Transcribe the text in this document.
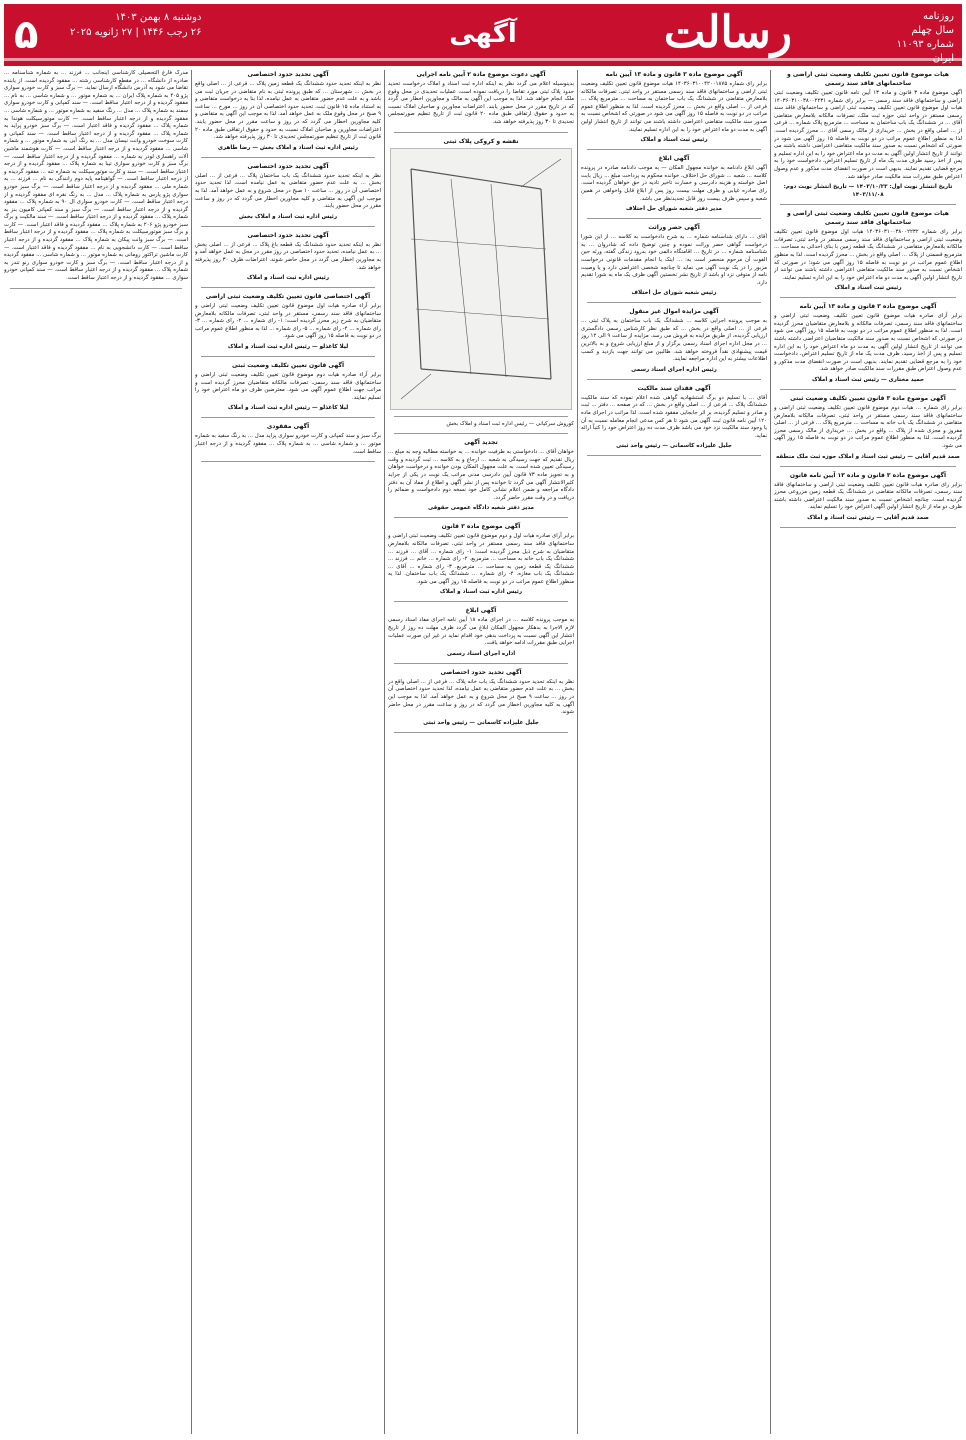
روزنامه
سال چهلم
شماره ۱۱۰۹۳
رسالت
آگهی
دوشنبه ۸ بهمن ۱۴۰۳
۲۶ رجب ۱۴۴۶ | ۲۷ ژانویه ۲۰۲۵
۵
هیات موضوع قانون تعیین تکلیف وضعیت ثبتی اراضی و ساختمانهای فاقد سند رسمی

آگهی موضوع ماده ۳ قانون و ماده ۱۳ آیین نامه قانون تعیین تکلیف وضعیت ثبتی اراضی و ساختمانهای فاقد سند رسمی — برابر رای شماره ۱۴۰۳۶۰۳۱۰۰۳۸۰۰۲۲۳۱ هیات اول موضوع قانون تعیین تکلیف وضعیت ثبتی اراضی و ساختمانهای فاقد سند رسمی مستقر در واحد ثبتی حوزه ثبت ملک، تصرفات مالکانه بلامعارض متقاضی آقای ... در ششدانگ یک باب ساختمان به مساحت ... مترمربع پلاک شماره ... فرعی از ... اصلی واقع در بخش ... خریداری از مالک رسمی آقای ... محرز گردیده است. لذا به منظور اطلاع عموم مراتب در دو نوبت به فاصله ۱۵ روز آگهی می شود در صورتی که اشخاص نسبت به صدور سند مالکیت متقاضی اعتراضی داشته باشند می توانند از تاریخ انتشار اولین آگهی به مدت دو ماه اعتراض خود را به این اداره تسلیم و پس از اخذ رسید ظرف مدت یک ماه از تاریخ تسلیم اعتراض، دادخواست خود را به مرجع قضایی تقدیم نمایند. بدیهی است در صورت انقضای مدت مذکور و عدم وصول اعتراض طبق مقررات سند مالکیت صادر خواهد شد.

تاریخ انتشار نوبت اول: ۱۴۰۳/۱۰/۲۳ — تاریخ انتشار نوبت دوم: ۱۴۰۳/۱۱/۰۸
هیات موضوع قانون تعیین تکلیف وضعیت ثبتی اراضی و ساختمانهای فاقد سند رسمی

برابر رای شماره ۱۴۰۳۶۰۳۱۰۰۳۸۰۰۲۲۳۲ هیات اول موضوع قانون تعیین تکلیف وضعیت ثبتی اراضی و ساختمانهای فاقد سند رسمی مستقر در واحد ثبتی، تصرفات مالکانه بلامعارض متقاضی در ششدانگ یک قطعه زمین با بنای احداثی به مساحت ... مترمربع قسمتی از پلاک ... اصلی واقع در بخش ... محرز گردیده است. لذا به منظور اطلاع عموم مراتب در دو نوبت به فاصله ۱۵ روز آگهی می شود؛ در صورتی که اشخاص نسبت به صدور سند مالکیت متقاضی اعتراضی داشته باشند می توانند از تاریخ انتشار اولین آگهی به مدت دو ماه اعتراض خود را به این اداره تسلیم نمایند.

رئیس ثبت اسناد و املاک
آگهی موضوع ماده ۳ قانون و ماده ۱۳ آیین نامه

برابر آرای صادره هیات موضوع قانون تعیین تکلیف وضعیت ثبتی اراضی و ساختمانهای فاقد سند رسمی، تصرفات مالکانه و بلامعارض متقاضیان محرز گردیده است. لذا به منظور اطلاع عموم مراتب در دو نوبت به فاصله ۱۵ روز آگهی می شود در صورتی که اشخاص نسبت به صدور سند مالکیت متقاضیان اعتراضی داشته باشند می توانند از تاریخ انتشار اولین آگهی به مدت دو ماه اعتراض خود را به این اداره تسلیم و پس از اخذ رسید، ظرف مدت یک ماه از تاریخ تسلیم اعتراض، دادخواست خود را به مرجع قضایی تقدیم نمایند. بدیهی است در صورت انقضای مدت مذکور و عدم وصول اعتراض طبق مقررات سند مالکیت صادر خواهد شد.

حمید مختاری — رئیس ثبت اسناد و املاک
آگهی موضوع ماده ۳ قانون تعیین تکلیف وضعیت ثبتی

برابر رای شماره ... هیات دوم موضوع قانون تعیین تکلیف وضعیت ثبتی اراضی و ساختمانهای فاقد سند رسمی مستقر در واحد ثبتی، تصرفات مالکانه بلامعارض متقاضی در ششدانگ یک باب خانه به مساحت ... مترمربع پلاک ... فرعی از ... اصلی مفروز و مجزی شده از پلاک ... واقع در بخش ... خریداری از مالک رسمی محرز گردیده است. لذا به منظور اطلاع عموم مراتب در دو نوبت به فاصله ۱۵ روز آگهی می شود.

صمد قدیم آقایی — رئیس ثبت اسناد و املاک حوزه ثبت ملک منطقه
آگهی موضوع ماده ۳ قانون و ماده ۱۳ آیین نامه قانون

برابر رای صادره هیات قانون تعیین تکلیف وضعیت ثبتی اراضی و ساختمانهای فاقد سند رسمی، تصرفات مالکانه متقاضی در ششدانگ یک قطعه زمین مزروعی محرز گردیده است. چنانچه اشخاص نسبت به صدور سند مالکیت اعتراضی داشته باشند ظرف دو ماه از تاریخ انتشار اولین آگهی اعتراض خود را تسلیم نمایند.

صمد قدیم آقایی — رئیس ثبت اسناد و املاک
آگهی موضوع ماده ۳ قانون و ماده ۱۳ آیین نامه

برابر رای شماره ۱۴۰۳۶۰۳۱۰۰۴۲۰۰۱۸۷۵ هیات موضوع قانون تعیین تکلیف وضعیت ثبتی اراضی و ساختمانهای فاقد سند رسمی مستقر در واحد ثبتی، تصرفات مالکانه بلامعارض متقاضی در ششدانگ یک باب ساختمان به مساحت ... مترمربع پلاک ... فرعی از ... اصلی واقع در بخش ... محرز گردیده است. لذا به منظور اطلاع عموم مراتب در دو نوبت به فاصله ۱۵ روز آگهی می شود در صورتی که اشخاص نسبت به صدور سند مالکیت متقاضی اعتراضی داشته باشند می توانند از تاریخ انتشار اولین آگهی به مدت دو ماه اعتراض خود را به این اداره تسلیم نمایند.

رئیس ثبت اسناد و املاک
آگهی ابلاغ

آگهی ابلاغ دادنامه به خوانده مجهول المکان — به موجب دادنامه صادره در پرونده کلاسه ... شعبه ... شورای حل اختلاف، خوانده محکوم به پرداخت مبلغ ... ریال بابت اصل خواسته و هزینه دادرسی و خسارت تاخیر تادیه در حق خواهان گردیده است. رای صادره غیابی و ظرف مهلت بیست روز پس از ابلاغ قابل واخواهی در همین شعبه و سپس ظرف بیست روز قابل تجدیدنظر می باشد.

مدیر دفتر شعبه شورای حل اختلاف
آگهی حصر وراثت

آقای ... دارای شناسنامه شماره ... به شرح دادخواست به کلاسه ... از این شورا درخواست گواهی حصر وراثت نموده و چنین توضیح داده که شادروان ... به شناسنامه شماره ... در تاریخ ... اقامتگاه دائمی خود بدرود زندگی گفته، ورثه حین الفوت آن مرحوم منحصر است به: ... اینک با انجام مقدمات قانونی درخواست مزبور را در یک نوبت آگهی می نماید تا چنانچه شخصی اعتراضی دارد و یا وصیت نامه از متوفی نزد او باشد از تاریخ نشر نخستین آگهی ظرف یک ماه به شورا تقدیم دارد.

رئیس شعبه شورای حل اختلاف
آگهی مزایده اموال غیر منقول

به موجب پرونده اجرایی کلاسه ... ششدانگ یک باب ساختمان به پلاک ثبتی ... فرعی از ... اصلی واقع در بخش ... که طبق نظر کارشناس رسمی دادگستری ارزیابی گردیده، از طریق مزایده به فروش می رسد. مزایده از ساعت ۹ الی ۱۲ روز ... در محل اداره اجرای اسناد رسمی برگزار و از مبلغ ارزیابی شروع و به بالاترین قیمت پیشنهادی نقداً فروخته خواهد شد. طالبین می توانند جهت بازدید و کسب اطلاعات بیشتر به این اداره مراجعه نمایند.

رئیس اداره اجرای اسناد رسمی
آگهی فقدان سند مالکیت

آقای ... با تسلیم دو برگ استشهادیه گواهی شده اعلام نموده که سند مالکیت ششدانگ پلاک ... فرعی از ... اصلی واقع در بخش ... که در صفحه ... دفتر ... ثبت و صادر و تسلیم گردیده، بر اثر جابجایی مفقود شده است. لذا مراتب در اجرای ماده ۱۲۰ آیین نامه قانون ثبت آگهی می شود تا هر کس مدعی انجام معامله نسبت به آن یا وجود سند مالکیت نزد خود می باشد ظرف مدت ده روز اعتراض خود را کتباً ارائه نماید.

جلیل علیزاده کاسمانی — رئیس واحد ثبتی
آگهی دعوت موضوع ماده ۲ آیین نامه اجرایی

بدینوسیله اعلام می گردد نظر به اینکه اداره ثبت اسناد و املاک درخواست تحدید حدود پلاک ثبتی مورد تقاضا را دریافت نموده است، عملیات تحدیدی در محل وقوع ملک انجام خواهد شد. لذا به موجب این آگهی به مالک و مجاورین اخطار می گردد که در تاریخ مقرر در محل حضور یابند. اعتراضات مجاورین و صاحبان املاک نسبت به حدود و حقوق ارتفاقی طبق ماده ۲۰ قانون ثبت از تاریخ تنظیم صورتمجلس تحدیدی تا ۳۰ روز پذیرفته خواهد شد.

نقشه و کروکی پلاک ثبتی

کوروش سرکیانی — رئیس اداره ثبت اسناد و املاک بخش

تجدید آگهی

خواهان آقای ... دادخواستی به طرفیت خوانده ... به خواسته مطالبه وجه به مبلغ ... ریال تقدیم که جهت رسیدگی به شعبه ... ارجاع و به کلاسه ... ثبت گردیده و وقت رسیدگی تعیین شده است. به علت مجهول المکان بودن خوانده و درخواست خواهان و به تجویز ماده ۷۳ قانون آیین دادرسی مدنی مراتب یک نوبت در یکی از جراید کثیرالانتشار آگهی می گردد تا خوانده پس از نشر آگهی و اطلاع از مفاد آن به دفتر دادگاه مراجعه و ضمن اعلام نشانی کامل خود نسخه دوم دادخواست و ضمائم را دریافت و در وقت مقرر حاضر گردد.

مدیر دفتر شعبه دادگاه عمومی حقوقی
آگهی موضوع ماده ۳ قانون

برابر آرای صادره هیات اول و دوم موضوع قانون تعیین تکلیف وضعیت ثبتی اراضی و ساختمانهای فاقد سند رسمی مستقر در واحد ثبتی، تصرفات مالکانه بلامعارض متقاضیان به شرح ذیل محرز گردیده است: ۱- رای شماره ... آقای ... فرزند ... ششدانگ یک باب خانه به مساحت ... مترمربع. ۲- رای شماره ... خانم ... فرزند ... ششدانگ یک قطعه زمین به مساحت ... مترمربع. ۳- رای شماره ... آقای ... ششدانگ یک باب مغازه. ۴- رای شماره ... ششدانگ یک باب ساختمان. لذا به منظور اطلاع عموم مراتب در دو نوبت به فاصله ۱۵ روز آگهی می شود.

رئیس اداره ثبت اسناد و املاک
آگهی ابلاغ

به موجب پرونده کلاسه ... در اجرای ماده ۱۸ آیین نامه اجرای مفاد اسناد رسمی لازم الاجرا به بدهکار مجهول المکان ابلاغ می گردد ظرف مهلت ده روز از تاریخ انتشار این آگهی نسبت به پرداخت بدهی خود اقدام نماید در غیر این صورت عملیات اجرایی طبق مقررات ادامه خواهد یافت.

اداره اجرای اسناد رسمی
آگهی تحدید حدود اختصاصی

نظر به اینکه تحدید حدود ششدانگ یک باب خانه پلاک ... فرعی از ... اصلی واقع در بخش ... به علت عدم حضور متقاضی به عمل نیامده، لذا تحدید حدود اختصاصی آن در روز ... ساعت ۹ صبح در محل شروع و به عمل خواهد آمد. لذا به موجب این آگهی به کلیه مجاورین اخطار می گردد که در روز و ساعت مقرر در محل حاضر شوند.

جلیل علیزاده کاسمانی — رئیس واحد ثبتی
آگهی تحدید حدود اختصاصی

نظر به اینکه تحدید حدود ششدانگ یک قطعه زمین پلاک ... فرعی از ... اصلی واقع در بخش ... شهرستان ... که طبق پرونده ثبتی به نام متقاضی در جریان ثبت می باشد و به علت عدم حضور متقاضی به عمل نیامده، لذا بنا به درخواست متقاضی و به استناد ماده ۱۵ قانون ثبت، تحدید حدود اختصاصی آن در روز ... مورخ ... ساعت ۹ صبح در محل وقوع ملک به عمل خواهد آمد. لذا به موجب این آگهی به متقاضی و کلیه مجاورین اخطار می گردد که در روز و ساعت مقرر در محل حضور یابند. اعتراضات مجاورین و صاحبان املاک نسبت به حدود و حقوق ارتفاقی طبق ماده ۲۰ قانون ثبت از تاریخ تنظیم صورتمجلس تحدیدی تا ۳۰ روز پذیرفته خواهد شد.

رئیس اداره ثبت اسناد و املاک بخش — رضا طاهری
آگهی تحدید حدود اختصاصی

نظر به اینکه تحدید حدود ششدانگ یک باب ساختمان پلاک ... فرعی از ... اصلی بخش ... به علت عدم حضور متقاضی به عمل نیامده است، لذا تحدید حدود اختصاصی آن در روز ... ساعت ۱۰ صبح در محل شروع و به عمل خواهد آمد. لذا به موجب این آگهی به متقاضی و کلیه مجاورین اخطار می گردد که در روز و ساعت مقرر در محل حضور یابند.

رئیس اداره ثبت اسناد و املاک بخش
آگهی تحدید حدود اختصاصی

نظر به اینکه تحدید حدود ششدانگ یک قطعه باغ پلاک ... فرعی از ... اصلی بخش ... به عمل نیامده، تحدید حدود اختصاصی در روز مقرر در محل به عمل خواهد آمد و به مجاورین اخطار می گردد در محل حاضر شوند. اعتراضات ظرف ۳۰ روز پذیرفته خواهد شد.

رئیس اداره ثبت اسناد و املاک
آگهی اختصاصی قانون تعیین تکلیف وضعیت ثبتی اراضی

برابر آراء صادره هیات اول موضوع قانون تعیین تکلیف وضعیت ثبتی اراضی و ساختمانهای فاقد سند رسمی، مستقر در واحد ثبتی، تصرفات مالکانه بلامعارض متقاضیان به شرح زیر محرز گردیده است: ۱- رای شماره ... ۲- رای شماره ... ۳- رای شماره ... ۴- رای شماره ... ۵- رای شماره ... لذا به منظور اطلاع عموم مراتب در دو نوبت به فاصله ۱۵ روز آگهی می شود.

لیلا کاغذلو — رئیس اداره ثبت اسناد و املاک
آگهی قانون تعیین تکلیف وضعیت ثبتی

برابر آراء صادره هیات دوم موضوع قانون تعیین تکلیف وضعیت ثبتی اراضی و ساختمانهای فاقد سند رسمی، تصرفات مالکانه متقاضیان محرز گردیده است و مراتب جهت اطلاع عموم آگهی می شود. معترضین ظرف دو ماه اعتراض خود را تسلیم نمایند.

لیلا کاغذلو — رئیس اداره ثبت اسناد و املاک
آگهی مفقودی

برگ سبز و سند کمپانی و کارت خودرو سواری پراید مدل ... به رنگ سفید به شماره موتور ... و شماره شاسی ... به شماره پلاک ... مفقود گردیده و از درجه اعتبار ساقط است.

مدرک فارغ التحصیلی کارشناسی اینجانب ... فرزند ... به شماره شناسنامه ... صادره از دانشگاه ... در مقطع کارشناسی رشته ... مفقود گردیده است. از یابنده تقاضا می شود به آدرس دانشگاه ارسال نماید. — برگ سبز و کارت خودرو سواری پژو ۴۰۵ به شماره پلاک ایران ... به شماره موتور ... و شماره شاسی ... به نام ... مفقود گردیده و از درجه اعتبار ساقط است. — سند کمپانی و کارت خودرو سواری سمند به شماره پلاک ... مدل ... رنگ سفید به شماره موتور ... و شماره شاسی ... مفقود گردیده و از درجه اعتبار ساقط است. — کارت موتورسیکلت هوندا به شماره پلاک ... مفقود گردیده و فاقد اعتبار است. — برگ سبز خودرو پراید به شماره پلاک ... مفقود گردیده و از درجه اعتبار ساقط است. — سند کمپانی و کارت سوخت خودرو وانت نیسان مدل ... به رنگ آبی به شماره موتور ... و شماره شاسی ... مفقود گردیده و از درجه اعتبار ساقط است. — کارت هوشمند ماشین آلات راهسازی لودر به شماره ... مفقود گردیده و از درجه اعتبار ساقط است. — برگ سبز و کارت خودرو سواری تیبا به شماره پلاک ... مفقود گردیده و از درجه اعتبار ساقط است. — سند و کارت موتورسیکلت به شماره تنه ... مفقود گردیده و از درجه اعتبار ساقط است. — گواهینامه پایه دوم رانندگی به نام ... فرزند ... به شماره ملی ... مفقود گردیده و از درجه اعتبار ساقط است. — برگ سبز خودرو سواری پژو پارس به شماره پلاک ... مدل ... به رنگ نقره ای مفقود گردیده و از درجه اعتبار ساقط است. — کارت خودرو سواری ال ۹۰ به شماره پلاک ... مفقود گردیده و از درجه اعتبار ساقط است. — برگ سبز و سند کمپانی کامیون بنز به شماره پلاک ... مفقود گردیده و از درجه اعتبار ساقط است. — سند مالکیت و برگ سبز خودرو پژو ۲۰۶ به شماره پلاک ... مفقود گردیده و فاقد اعتبار است. — کارت و برگ سبز موتورسیکلت به شماره پلاک ... مفقود گردیده و از درجه اعتبار ساقط است. — برگ سبز وانت پیکان به شماره پلاک ... مفقود گردیده و از درجه اعتبار ساقط است. — کارت دانشجویی به نام ... مفقود گردیده و فاقد اعتبار است. — کارت ماشین تراکتور رومانی به شماره موتور ... و شماره شاسی ... مفقود گردیده و از درجه اعتبار ساقط است. — برگ سبز و کارت خودرو سواری رنو تندر به شماره پلاک ... مفقود گردیده و از درجه اعتبار ساقط است. — سند کمپانی خودرو سواری ... مفقود گردیده و از درجه اعتبار ساقط است.
